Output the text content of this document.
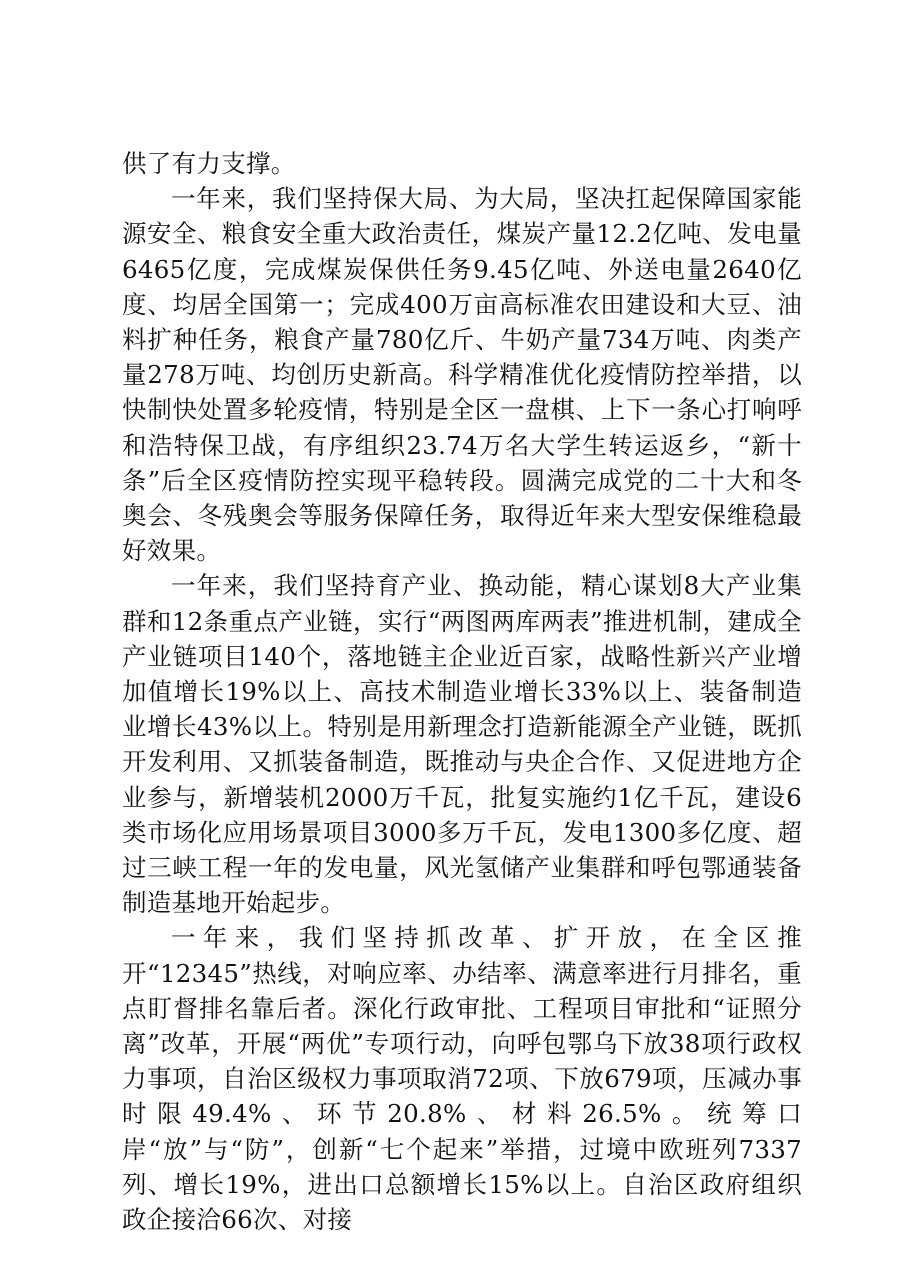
供了有力支撑。

一年来，我们坚持保大局、为大局，坚决扛起保障国家能源安全、粮食安全重大政治责任，煤炭产量12.2亿吨、发电量6465亿度，完成煤炭保供任务9.45亿吨、外送电量2640亿度、均居全国第一；完成400万亩高标准农田建设和大豆、油料扩种任务，粮食产量780亿斤、牛奶产量734万吨、肉类产量278万吨、均创历史新高。科学精准优化疫情防控举措，以快制快处置多轮疫情，特别是全区一盘棋、上下一条心打响呼和浩特保卫战，有序组织23.74万名大学生转运返乡，“新十条”后全区疫情防控实现平稳转段。圆满完成党的二十大和冬奥会、冬残奥会等服务保障任务，取得近年来大型安保维稳最好效果。

一年来，我们坚持育产业、换动能，精心谋划8大产业集群和12条重点产业链，实行“两图两库两表”推进机制，建成全产业链项目140个，落地链主企业近百家，战略性新兴产业增加值增长19%以上、高技术制造业增长33%以上、装备制造业增长43%以上。特别是用新理念打造新能源全产业链，既抓开发利用、又抓装备制造，既推动与央企合作、又促进地方企业参与，新增装机2000万千瓦，批复实施约1亿千瓦，建设6类市场化应用场景项目3000多万千瓦，发电1300多亿度、超过三峡工程一年的发电量，风光氢储产业集群和呼包鄂通装备制造基地开始起步。

一年来，我们坚持抓改革、扩开放，在全区推开“12345”热线，对响应率、办结率、满意率进行月排名，重点盯督排名靠后者。深化行政审批、工程项目审批和“证照分离”改革，开展“两优”专项行动，向呼包鄂乌下放38项行政权力事项，自治区级权力事项取消72项、下放679项，压减办事时限49.4%、环节20.8%、材料26.5%。统筹口岸“放”与“防”，创新“七个起来”举措，过境中欧班列7337列、增长19%，进出口总额增长15%以上。自治区政府组织政企接洽66次、对接
